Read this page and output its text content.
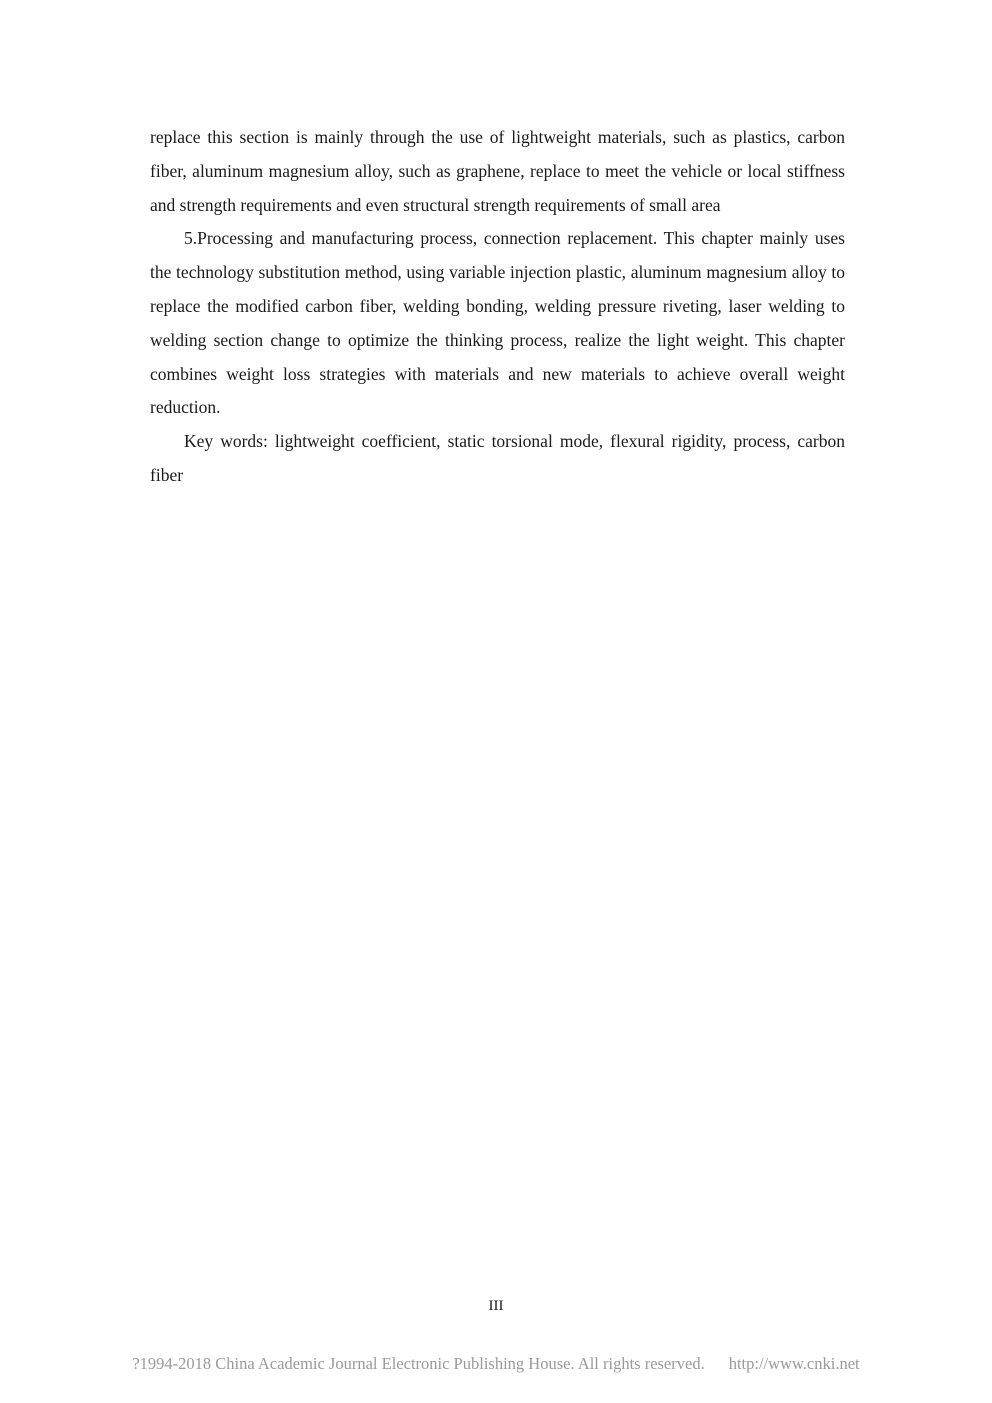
replace this section is mainly through the use of lightweight materials, such as plastics, carbon fiber, aluminum magnesium alloy, such as graphene, replace to meet the vehicle or local stiffness and strength requirements and even structural strength requirements of small area

5.Processing and manufacturing process, connection replacement. This chapter mainly uses the technology substitution method, using variable injection plastic, aluminum magnesium alloy to replace the modified carbon fiber, welding bonding, welding pressure riveting, laser welding to welding section change to optimize the thinking process, realize the light weight. This chapter combines weight loss strategies with materials and new materials to achieve overall weight reduction.

Key words: lightweight coefficient, static torsional mode, flexural rigidity, process, carbon fiber

III
?1994-2018 China Academic Journal Electronic Publishing House. All rights reserved. http://www.cnki.net
